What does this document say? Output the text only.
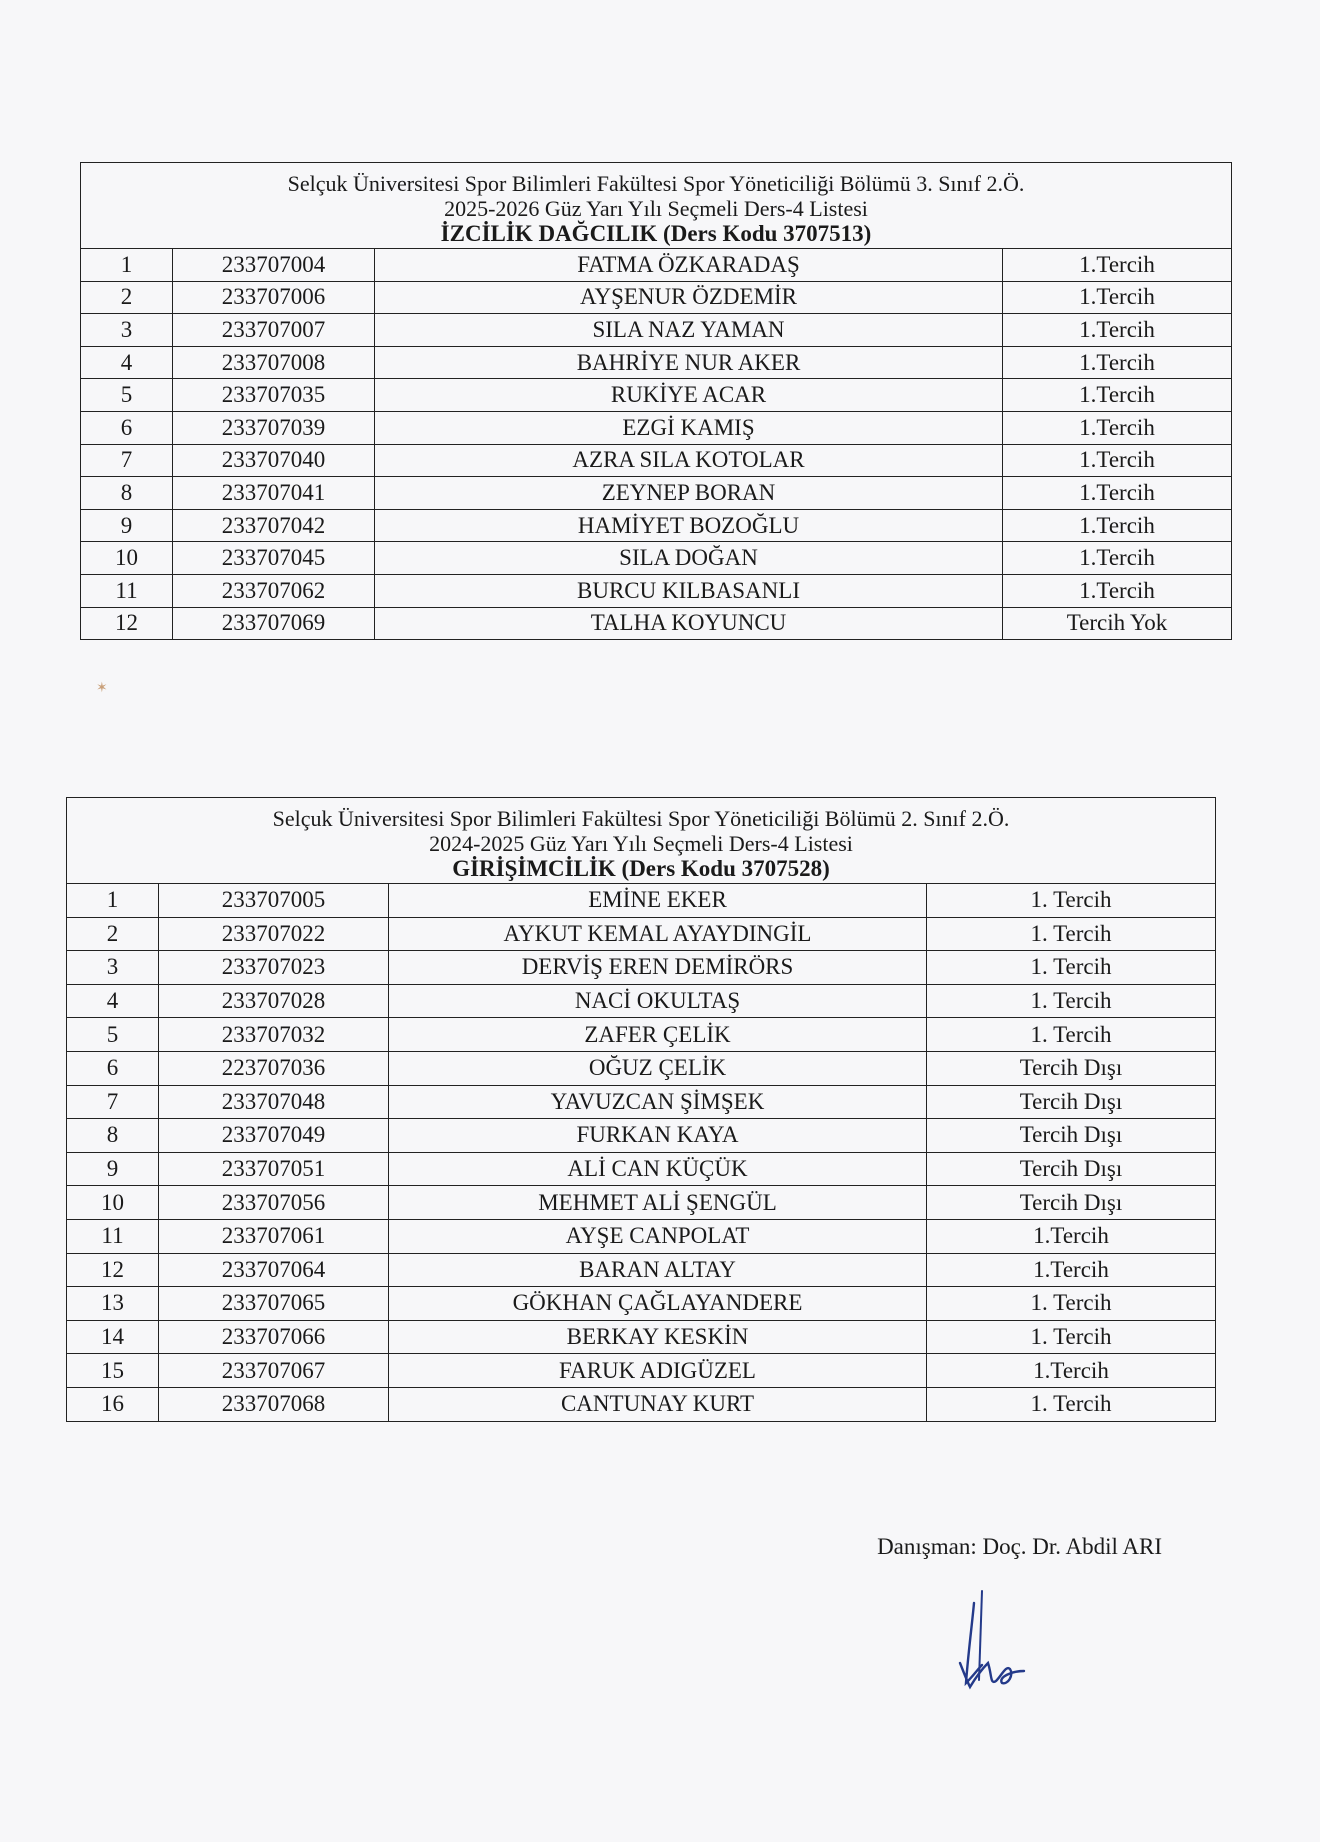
Selçuk Üniversitesi Spor Bilimleri Fakültesi Spor Yöneticiliği Bölümü 3. Sınıf 2.Ö.
2025-2026 Güz Yarı Yılı Seçmeli Ders-4 Listesi
İZCİLİK DAĞCILIK (Ders Kodu 3707513)
1	233707004	FATMA ÖZKARADAŞ	1.Tercih
2	233707006	AYŞENUR ÖZDEMİR	1.Tercih
3	233707007	SILA NAZ YAMAN	1.Tercih
4	233707008	BAHRİYE NUR AKER	1.Tercih
5	233707035	RUKİYE ACAR	1.Tercih
6	233707039	EZGİ KAMIŞ	1.Tercih
7	233707040	AZRA SILA KOTOLAR	1.Tercih
8	233707041	ZEYNEP BORAN	1.Tercih
9	233707042	HAMİYET BOZOĞLU	1.Tercih
10	233707045	SILA DOĞAN	1.Tercih
11	233707062	BURCU KILBASANLI	1.Tercih
12	233707069	TALHA KOYUNCU	Tercih Yok
Selçuk Üniversitesi Spor Bilimleri Fakültesi Spor Yöneticiliği Bölümü 2. Sınıf 2.Ö.
2024-2025 Güz Yarı Yılı Seçmeli Ders-4 Listesi
GİRİŞİMCİLİK (Ders Kodu 3707528)
1	233707005	EMİNE EKER	1. Tercih
2	233707022	AYKUT KEMAL AYAYDINGİL	1. Tercih
3	233707023	DERVİŞ EREN DEMİRÖRS	1. Tercih
4	233707028	NACİ OKULTAŞ	1. Tercih
5	233707032	ZAFER ÇELİK	1. Tercih
6	223707036	OĞUZ ÇELİK	Tercih Dışı
7	233707048	YAVUZCAN ŞİMŞEK	Tercih Dışı
8	233707049	FURKAN KAYA	Tercih Dışı
9	233707051	ALİ CAN KÜÇÜK	Tercih Dışı
10	233707056	MEHMET ALİ ŞENGÜL	Tercih Dışı
11	233707061	AYŞE CANPOLAT	1.Tercih
12	233707064	BARAN ALTAY	1.Tercih
13	233707065	GÖKHAN ÇAĞLAYANDERE	1. Tercih
14	233707066	BERKAY KESKİN	1. Tercih
15	233707067	FARUK ADIGÜZEL	1.Tercih
16	233707068	CANTUNAY KURT	1. Tercih
✶
Danışman: Doç. Dr. Abdil ARI
